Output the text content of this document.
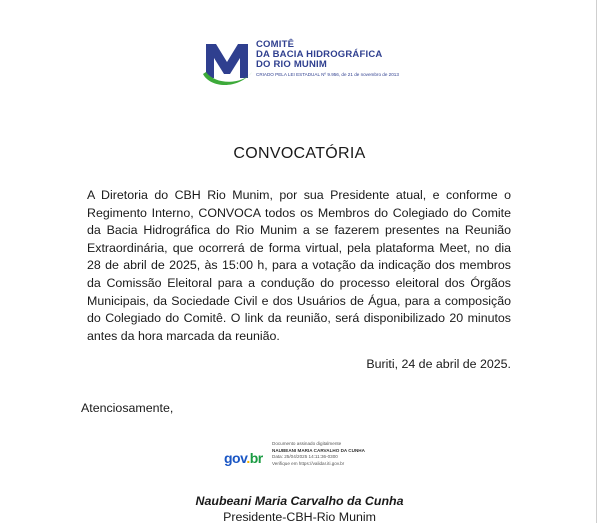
COMITÊ
DA BACIA HIDROGRÁFICA
DO RIO MUNIM
CRIADO PELA LEI ESTADUAL Nº 9.956, de 21 de novembro de 2013
CONVOCATÓRIA
A Diretoria do CBH Rio Munim, por sua Presidente atual, e conforme o Regimento Interno, CONVOCA todos os Membros do Colegiado do Comite da Bacia Hidrográfica do Rio Munim a se fazerem presentes na Reunião Extraordinária, que ocorrerá de forma virtual, pela plataforma Meet, no dia 28 de abril de 2025, às 15:00 h, para a votação da indicação dos membros da Comissão Eleitoral para a condução do processo eleitoral dos Órgãos Municipais, da Sociedade Civil e dos Usuários de Água, para a composição do Colegiado do Comitê. O link da reunião, será disponibilizado 20 minutos antes da hora marcada da reunião.
Buriti, 24 de abril de 2025.
Atenciosamente,
gov.br
Documento assinado digitalmente
NAUBEANI MARIA CARVALHO DA CUNHA
Data: 25/04/2025 14:11:36-0300
Verifique em https://validar.iti.gov.br
Naubeani Maria Carvalho da Cunha
Presidente-CBH-Rio Munim
